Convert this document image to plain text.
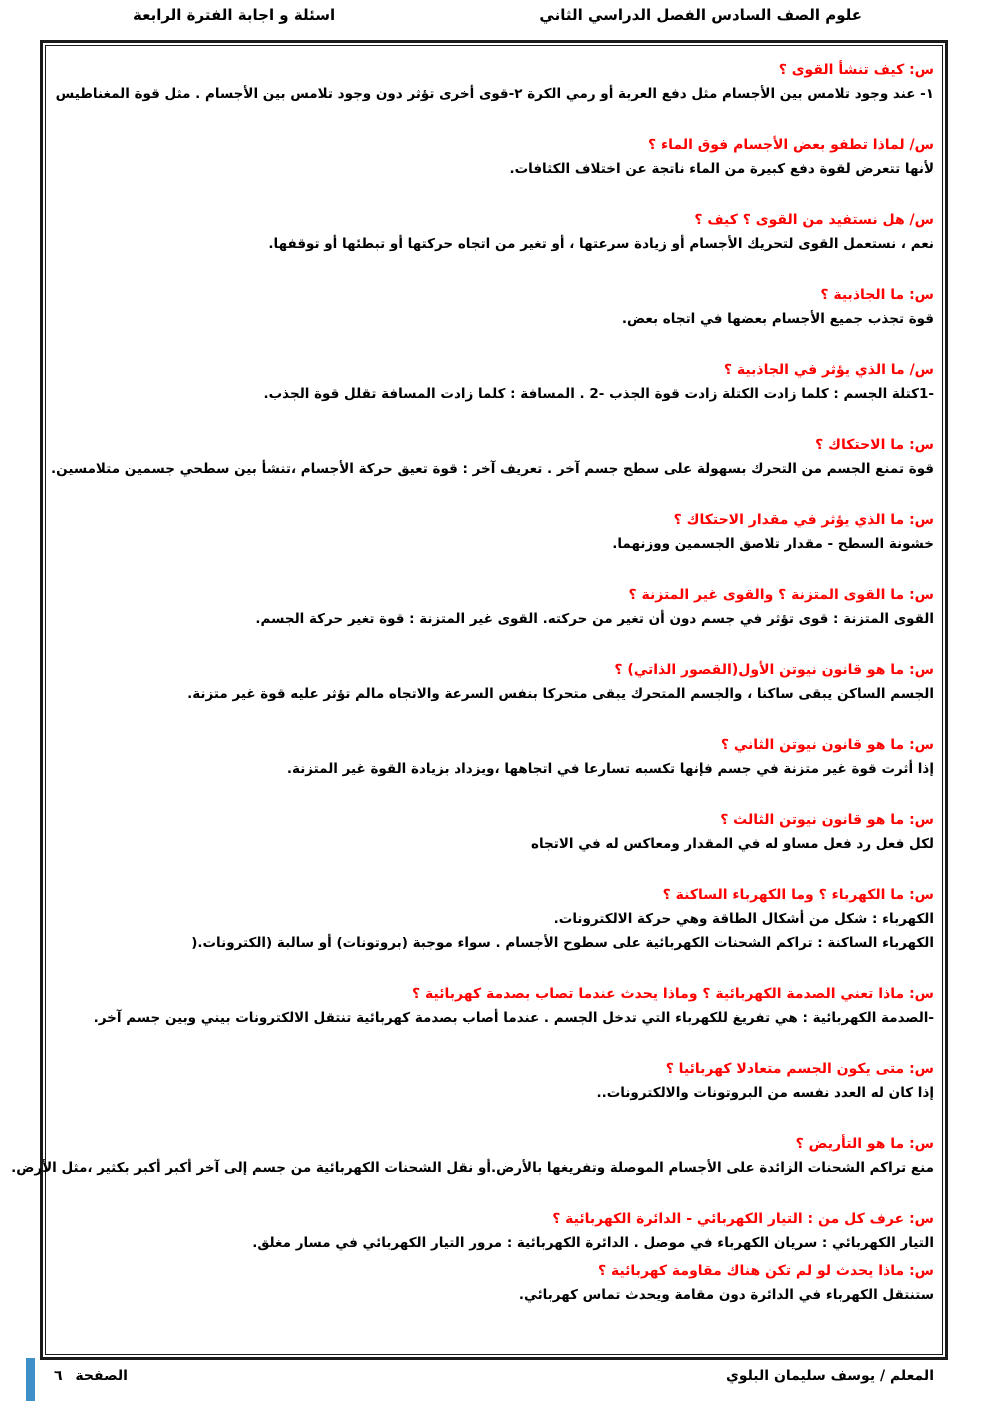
علوم الصف السادس الفصل الدراسي الثاني
اسئلة و اجابة الفترة الرابعة
س: كيف تنشأ القوى ؟
١- عند وجود تلامس بين الأجسام مثل دفع العربة أو رمي الكرة ٢-قوى أخرى تؤثر دون وجود تلامس بين الأجسام . مثل قوة المغناطيس
س/ لماذا تطفو بعض الأجسام فوق الماء ؟
لأنها تتعرض لقوة دفع كبيرة من الماء ناتجة عن اختلاف الكثافات.
س/ هل نستفيد من القوى ؟ كيف ؟
نعم ، نستعمل القوى لتحريك الأجسام أو زيادة سرعتها ، أو تغير من اتجاه حركتها أو تبطئها أو توقفها.
س: ما الجاذبية ؟
قوة تجذب جميع الأجسام بعضها في اتجاه بعض.
س/ ما الذي يؤثر في الجاذبية ؟
-1كتلة الجسم : كلما زادت الكتلة زادت قوة الجذب -2 . المسافة : كلما زادت المسافة تقلل قوة الجذب.
س: ما الاحتكاك ؟
قوة تمنع الجسم من التحرك بسهولة على سطح جسم آخر . تعريف آخر : قوة تعيق حركة الأجسام ،تنشأ بين سطحي جسمين متلامسين.
س: ما الذي يؤثر في مقدار الاحتكاك ؟
خشونة السطح - مقدار تلاصق الجسمين ووزنهما.
س: ما القوى المتزنة ؟ والقوى غير المتزنة ؟
القوى المتزنة : قوى تؤثر في جسم دون أن تغير من حركته. القوى غير المتزنة : قوة تغير حركة الجسم.
س: ما هو قانون نيوتن الأول(القصور الذاتي) ؟
الجسم الساكن يبقى ساكنا ، والجسم المتحرك يبقى متحركا بنفس السرعة والاتجاه مالم تؤثر عليه قوة غير متزنة.
س: ما هو قانون نيوتن الثاني ؟
إذا أثرت قوة غير متزنة في جسم فإنها تكسبه تسارعا في اتجاهها ،ويزداد بزيادة القوة غير المتزنة.
س: ما هو قانون نيوتن الثالث ؟
لكل فعل رد فعل مساو له في المقدار ومعاكس له في الاتجاه
س: ما الكهرباء ؟ وما الكهرباء الساكنة ؟
الكهرباء : شكل من أشكال الطاقة وهي حركة الالكترونات.
الكهرباء الساكنة : تراكم الشحنات الكهربائية على سطوح الأجسام . سواء موجبة (بروتونات) أو سالبة (الكترونات.(
س: ماذا تعني الصدمة الكهربائية ؟ وماذا يحدث عندما تصاب بصدمة كهربائية ؟
-الصدمة الكهربائية : هي تفريغ للكهرباء التي تدخل الجسم . عندما أصاب بصدمة كهربائية تنتقل الالكترونات بيني وبين جسم آخر.
س: متى يكون الجسم متعادلا كهربائيا ؟
إذا كان له العدد نفسه من البروتونات والالكترونات..
س: ما هو التأريض ؟
منع تراكم الشحنات الزائدة على الأجسام الموصلة وتفريغها بالأرض.أو نقل الشحنات الكهربائية من جسم إلى آخر أكبر أكبر بكثير ،مثل الأرض.
س: عرف كل من : التيار الكهربائي - الدائرة الكهربائية ؟
التيار الكهربائي : سريان الكهرباء في موصل . الدائرة الكهربائية : مرور التيار الكهربائي في مسار مغلق.
س: ماذا يحدث لو لم تكن هناك مقاومة كهربائية ؟
ستنتقل الكهرباء في الدائرة دون مقامة ويحدث تماس كهربائي.
المعلم / يوسف سليمان البلوي
الصفحة ٦
